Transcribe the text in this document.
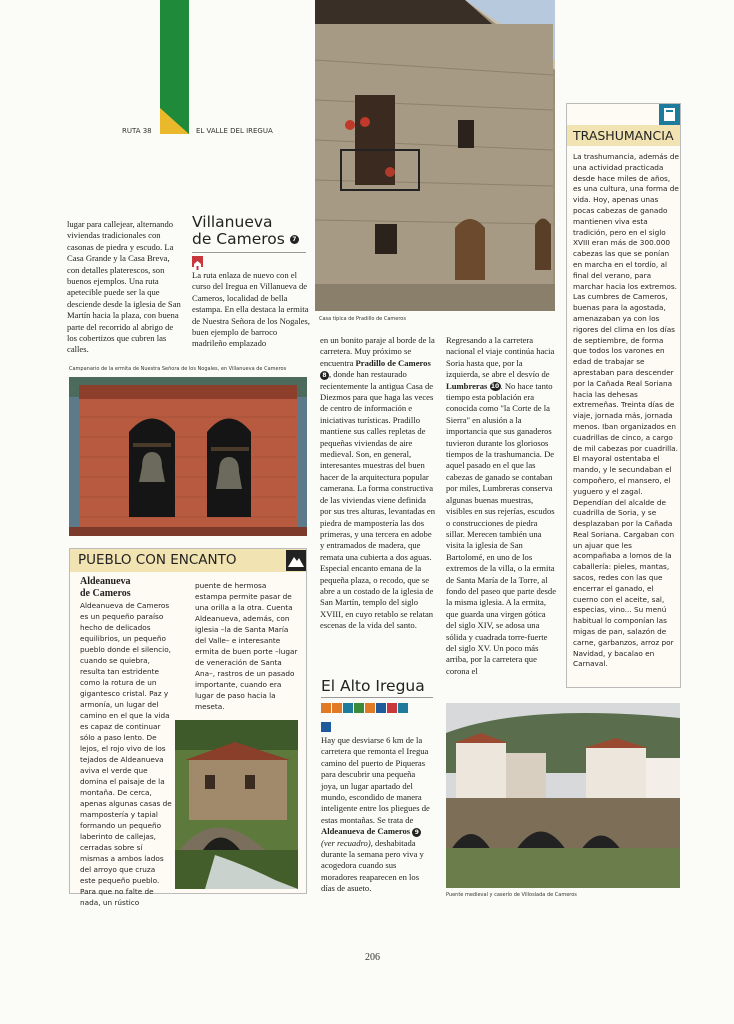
RUTA 38	EL VALLE DEL IREGUA
Casa típica de Pradillo de Cameros

lugar para callejear, alternando viviendas tradicionales con casonas de piedra y escudo. La Casa Grande y la Casa Breva, con detalles platerescos, son buenos ejemplos. Una ruta apetecible puede ser la que desciende desde la iglesia de San Martín hacia la plaza, con buena parte del recorrido al abrigo de los cobertizos que cubren las calles.

Villanueva
de Cameros 7

La ruta enlaza de nuevo con el curso del Iregua en Villanueva de Cameros, localidad de bella estampa. En ella destaca la ermita de Nuestra Señora de los Nogales, buen ejemplo de barroco madrileño emplazado

Campanario de la ermita de Nuestra Señora de los Nogales, en Villanueva de Cameros
PUEBLO CON ENCANTO
Aldeanueva
de Cameros

Aldeanueva de Cameros es un pequeño paraíso hecho de delicados equilibrios, un pequeño pueblo donde el silencio, cuando se quiebra, resulta tan estridente como la rotura de un gigantesco cristal. Paz y armonía, un lugar del camino en el que la vida es capaz de continuar sólo a paso lento. De lejos, el rojo vivo de los tejados de Aldeanueva aviva el verde que domina el paisaje de la montaña. De cerca, apenas algunas casas de mampostería y tapial formando un pequeño laberinto de callejas, cerradas sobre sí mismas a ambos lados del arroyo que cruza este pequeño pueblo. Para que no falte de nada, un rústico

puente de hermosa estampa permite pasar de una orilla a la otra. Cuenta Aldeanueva, además, con iglesia –la de Santa María del Valle– e interesante ermita de buen porte –lugar de veneración de Santa Ana–, rastros de un pasado importante, cuando era lugar de paso hacia la meseta.

en un bonito paraje al borde de la carretera. Muy próximo se encuentra Pradillo de Cameros 8 , donde han restaurado recientemente la antigua Casa de Diezmos para que haga las veces de centro de información e iniciativas turísticas. Pradillo mantiene sus calles repletas de pequeñas viviendas de aire medieval. Son, en general, interesantes muestras del buen hacer de la arquitectura popular camerana. La forma constructiva de las viviendas viene definida por sus tres alturas, levantadas en piedra de mampostería las dos primeras, y una tercera en adobe y entramados de madera, que remata una cubierta a dos aguas. Especial encanto emana de la pequeña plaza, o recodo, que se abre a un costado de la iglesia de San Martín, templo del siglo XVIII, en cuyo retablo se relatan escenas de la vida del santo.

Regresando a la carretera nacional el viaje continúa hacia Soria hasta que, por la izquierda, se abre el desvío de Lumbreras 10. No hace tanto tiempo esta población era conocida como "la Corte de la Sierra" en alusión a la importancia que sus ganaderos tuvieron durante los gloriosos tiempos de la trashumancia. De aquel pasado en el que las cabezas de ganado se contaban por miles, Lumbreras conserva algunas buenas muestras, visibles en sus rejerías, escudos o construcciones de piedra sillar. Merecen también una visita la iglesia de San Bartolomé, en uno de los extremos de la villa, o la ermita de Santa María de la Torre, al fondo del paseo que parte desde la misma iglesia. A la ermita, que guarda una virgen gótica del siglo XIV, se adosa una sólida y cuadrada torre-fuerte del siglo XV. Un poco más arriba, por la carretera que corona el

El Alto Iregua

Hay que desviarse 6 km de la carretera que remonta el Iregua camino del puerto de Piqueras para descubrir una pequeña joya, un lugar apartado del mundo, escondido de manera inteligente entre los pliegues de estas montañas. Se trata de Aldeanueva de Cameros 9 (ver recuadro), deshabitada durante la semana pero viva y acogedora cuando sus moradores reaparecen en los días de asueto.

Puente medieval y caserío de Villoslada de Cameros
TRASHUMANCIA

La trashumancia, además de una actividad practicada desde hace miles de años, es una cultura, una forma de vida. Hoy, apenas unas pocas cabezas de ganado mantienen viva esta tradición, pero en el siglo XVIII eran más de 300.000 cabezas las que se ponían en marcha en el tordío, al final del verano, para marchar hacia los extremos. Las cumbres de Cameros, buenas para la agostada, amenazaban ya con los rigores del clima en los días de septiembre, de forma que todos los varones en edad de trabajar se aprestaban para descender por la Cañada Real Soriana hacia las dehesas extremeñas. Treinta días de viaje, jornada más, jornada menos. Iban organizados en cuadrillas de cinco, a cargo de mil cabezas por cuadrilla. El mayoral ostentaba el mando, y le secundaban el compoñero, el mansero, el yuguero y el zagal. Dependían del alcalde de cuadrilla de Soria, y se desplazaban por la Cañada Real Soriana. Cargaban con un ajuar que les acompañaba a lomos de la caballería: pieles, mantas, sacos, redes con las que encerrar el ganado, el cuerno con el aceite, sal, especias, vino... Su menú habitual lo componían las migas de pan, salazón de carne, garbanzos, arroz por Navidad, y bacalao en Carnaval.

206
